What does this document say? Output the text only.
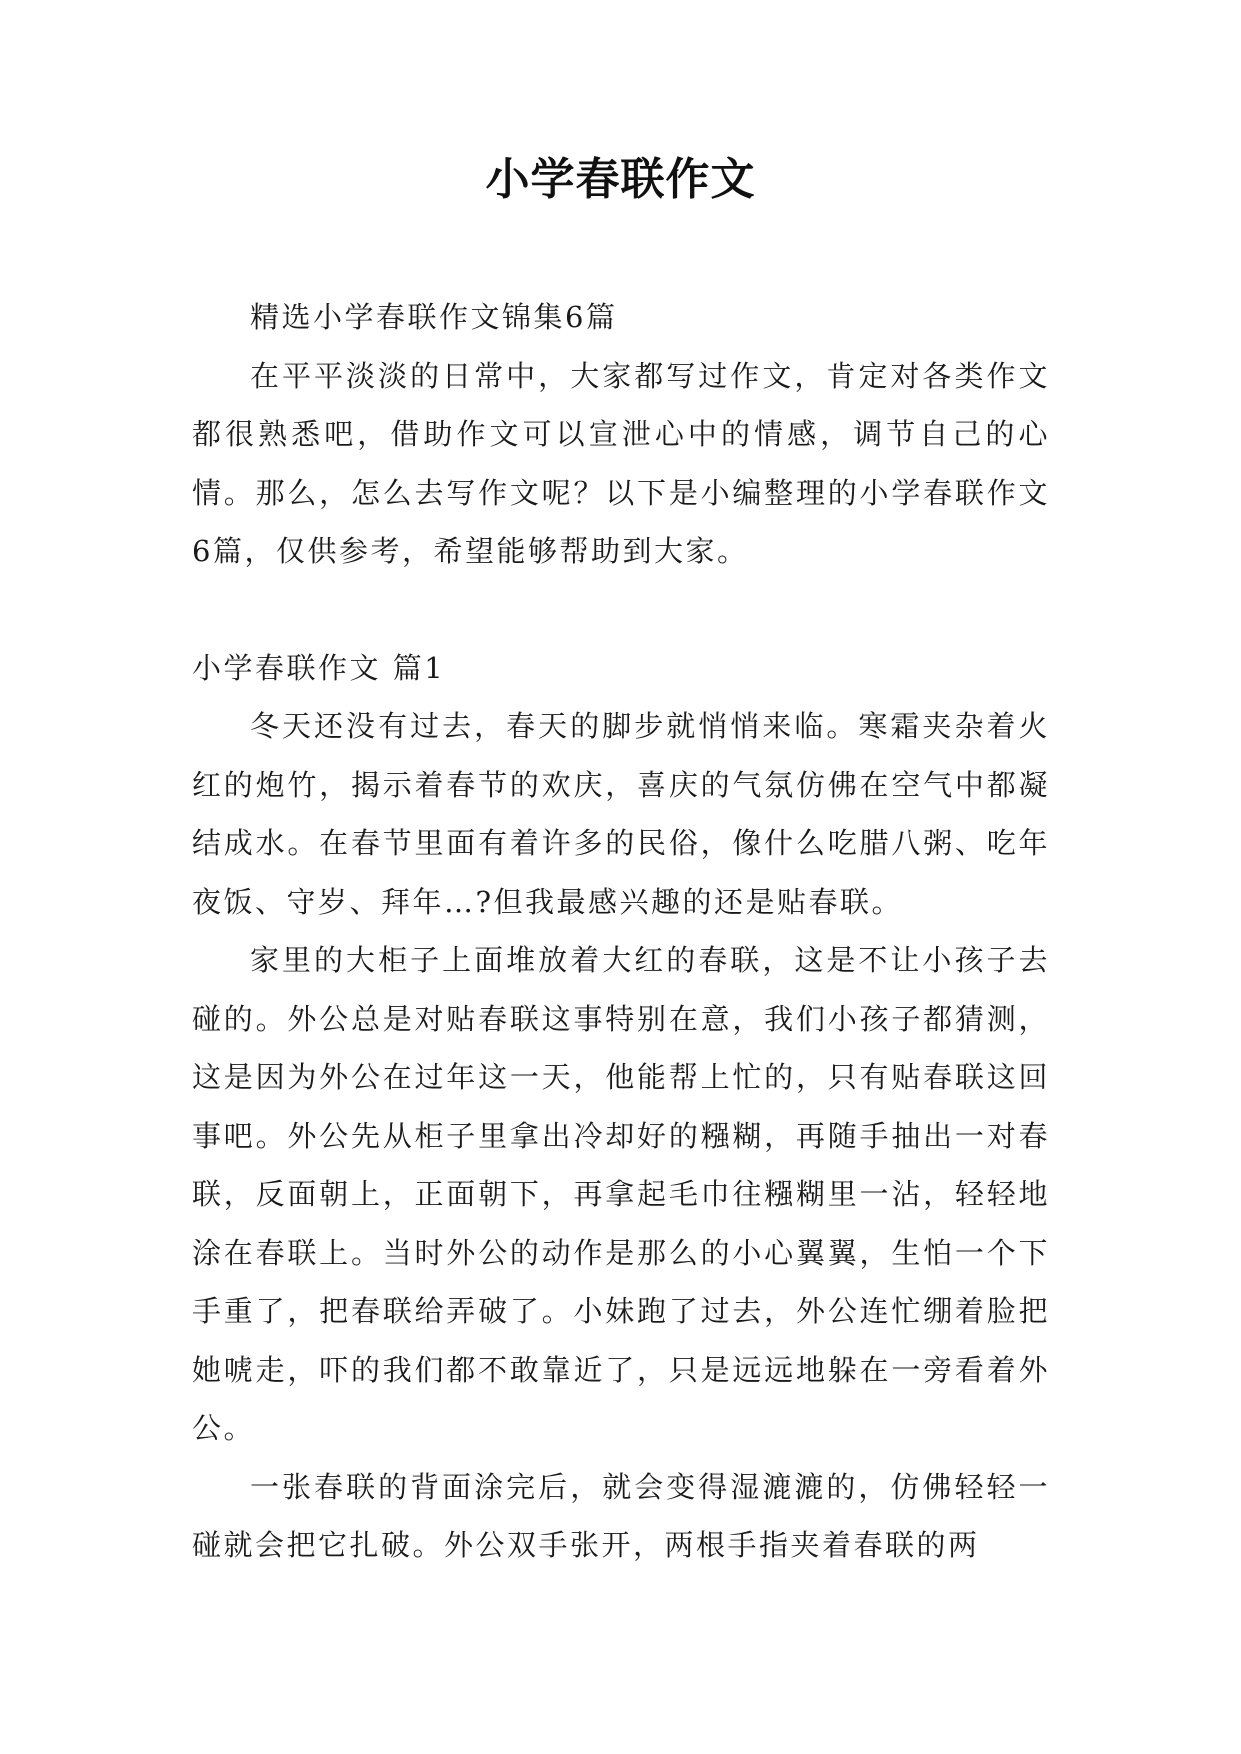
小学春联作文

精选小学春联作文锦集6篇

在平平淡淡的日常中，大家都写过作文，肯定对各类作文都很熟悉吧，借助作文可以宣泄心中的情感，调节自己的心情。那么，怎么去写作文呢？以下是小编整理的小学春联作文6篇，仅供参考，希望能够帮助到大家。

小学春联作文 篇1

冬天还没有过去，春天的脚步就悄悄来临。寒霜夹杂着火红的炮竹，揭示着春节的欢庆，喜庆的气氛仿佛在空气中都凝结成水。在春节里面有着许多的民俗，像什么吃腊八粥、吃年夜饭、守岁、拜年…?但我最感兴趣的还是贴春联。

家里的大柜子上面堆放着大红的春联，这是不让小孩子去碰的。外公总是对贴春联这事特别在意，我们小孩子都猜测，这是因为外公在过年这一天，他能帮上忙的，只有贴春联这回事吧。外公先从柜子里拿出冷却好的糨糊，再随手抽出一对春联，反面朝上，正面朝下，再拿起毛巾往糨糊里一沾，轻轻地涂在春联上。当时外公的动作是那么的小心翼翼，生怕一个下手重了，把春联给弄破了。小妹跑了过去，外公连忙绷着脸把她唬走，吓的我们都不敢靠近了，只是远远地躲在一旁看着外公。

一张春联的背面涂完后，就会变得湿漉漉的，仿佛轻轻一碰就会把它扎破。外公双手张开，两根手指夹着春联的两
